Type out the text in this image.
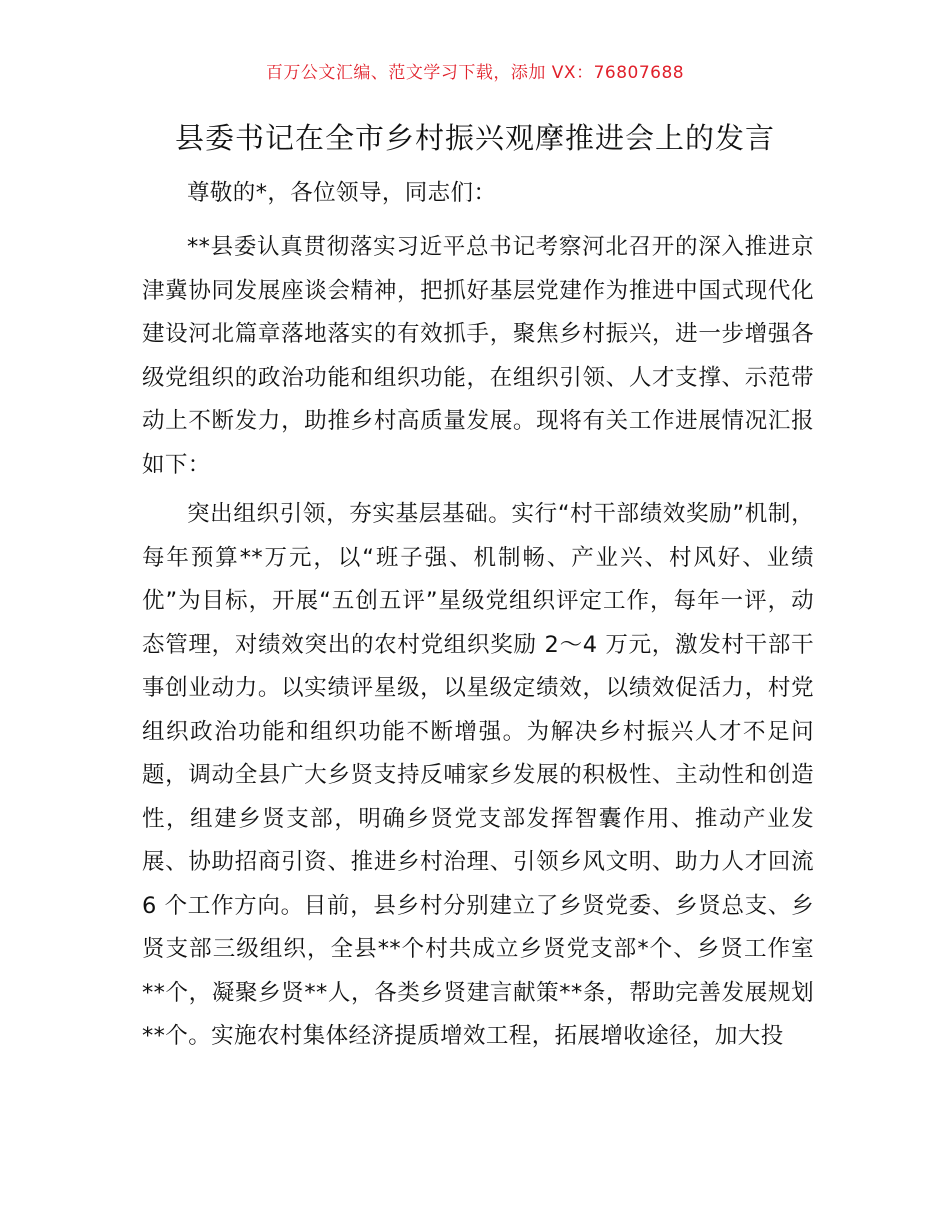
百万公文汇编、范文学习下载，添加 VX：76807688
县委书记在全市乡村振兴观摩推进会上的发言

尊敬的*，各位领导，同志们：

**县委认真贯彻落实习近平总书记考察河北召开的深入推进京津冀协同发展座谈会精神，把抓好基层党建作为推进中国式现代化建设河北篇章落地落实的有效抓手，聚焦乡村振兴，进一步增强各级党组织的政治功能和组织功能，在组织引领、人才支撑、示范带动上不断发力，助推乡村高质量发展。现将有关工作进展情况汇报如下：

突出组织引领，夯实基层基础。实行“村干部绩效奖励”机制，每年预算**万元，以“班子强、机制畅、产业兴、村风好、业绩优”为目标，开展“五创五评”星级党组织评定工作，每年一评，动态管理，对绩效突出的农村党组织奖励 2～4 万元，激发村干部干事创业动力。以实绩评星级，以星级定绩效，以绩效促活力，村党组织政治功能和组织功能不断增强。为解决乡村振兴人才不足问题，调动全县广大乡贤支持反哺家乡发展的积极性、主动性和创造性，组建乡贤支部，明确乡贤党支部发挥智囊作用、推动产业发展、协助招商引资、推进乡村治理、引领乡风文明、助力人才回流 6 个工作方向。目前，县乡村分别建立了乡贤党委、乡贤总支、乡贤支部三级组织，全县**个村共成立乡贤党支部*个、乡贤工作室**个，凝聚乡贤**人，各类乡贤建言献策**条，帮助完善发展规划**个。实施农村集体经济提质增效工程，拓展增收途径，加大投
